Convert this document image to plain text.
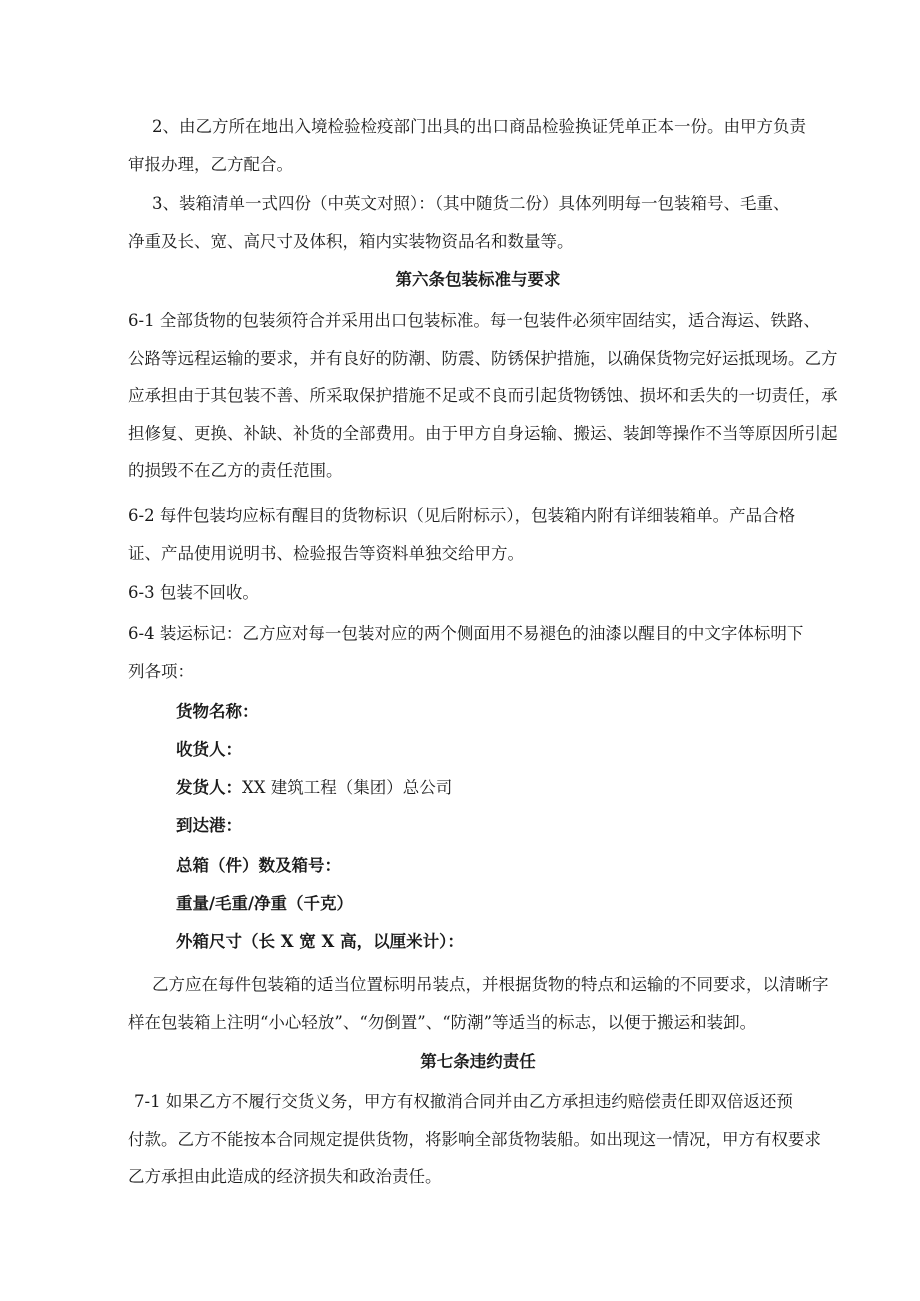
2、由乙方所在地出入境检验检疫部门出具的出口商品检验换证凭单正本一份。由甲方负责
审报办理，乙方配合。

3、装箱清单一式四份（中英文对照）：（其中随货二份）具体列明每一包装箱号、毛重、
净重及长、宽、高尺寸及体积，箱内实装物资品名和数量等。

第六条包装标准与要求

6-1 全部货物的包装须符合并采用出口包装标准。每一包装件必须牢固结实，适合海运、铁路、
公路等远程运输的要求，并有良好的防潮、防震、防锈保护措施，以确保货物完好运抵现场。乙方
应承担由于其包装不善、所采取保护措施不足或不良而引起货物锈蚀、损坏和丢失的一切责任，承
担修复、更换、补缺、补货的全部费用。由于甲方自身运输、搬运、装卸等操作不当等原因所引起
的损毁不在乙方的责任范围。

6-2 每件包装均应标有醒目的货物标识（见后附标示），包装箱内附有详细装箱单。产品合格
证、产品使用说明书、检验报告等资料单独交给甲方。

6-3 包装不回收。

6-4 装运标记：乙方应对每一包装对应的两个侧面用不易褪色的油漆以醒目的中文字体标明下
列各项：

货物名称：

收货人：

发货人：XX 建筑工程（集团）总公司

到达港：

总箱（件）数及箱号：

重量/毛重/净重（千克）

外箱尺寸（长 X 宽 X 高，以厘米计）：

乙方应在每件包装箱的适当位置标明吊装点，并根据货物的特点和运输的不同要求，以清晰字
样在包装箱上注明“小心轻放”、“勿倒置”、“防潮”等适当的标志，以便于搬运和装卸。

第七条违约责任

7-1 如果乙方不履行交货义务，甲方有权撤消合同并由乙方承担违约赔偿责任即双倍返还预
付款。乙方不能按本合同规定提供货物，将影响全部货物装船。如出现这一情况，甲方有权要求
乙方承担由此造成的经济损失和政治责任。
